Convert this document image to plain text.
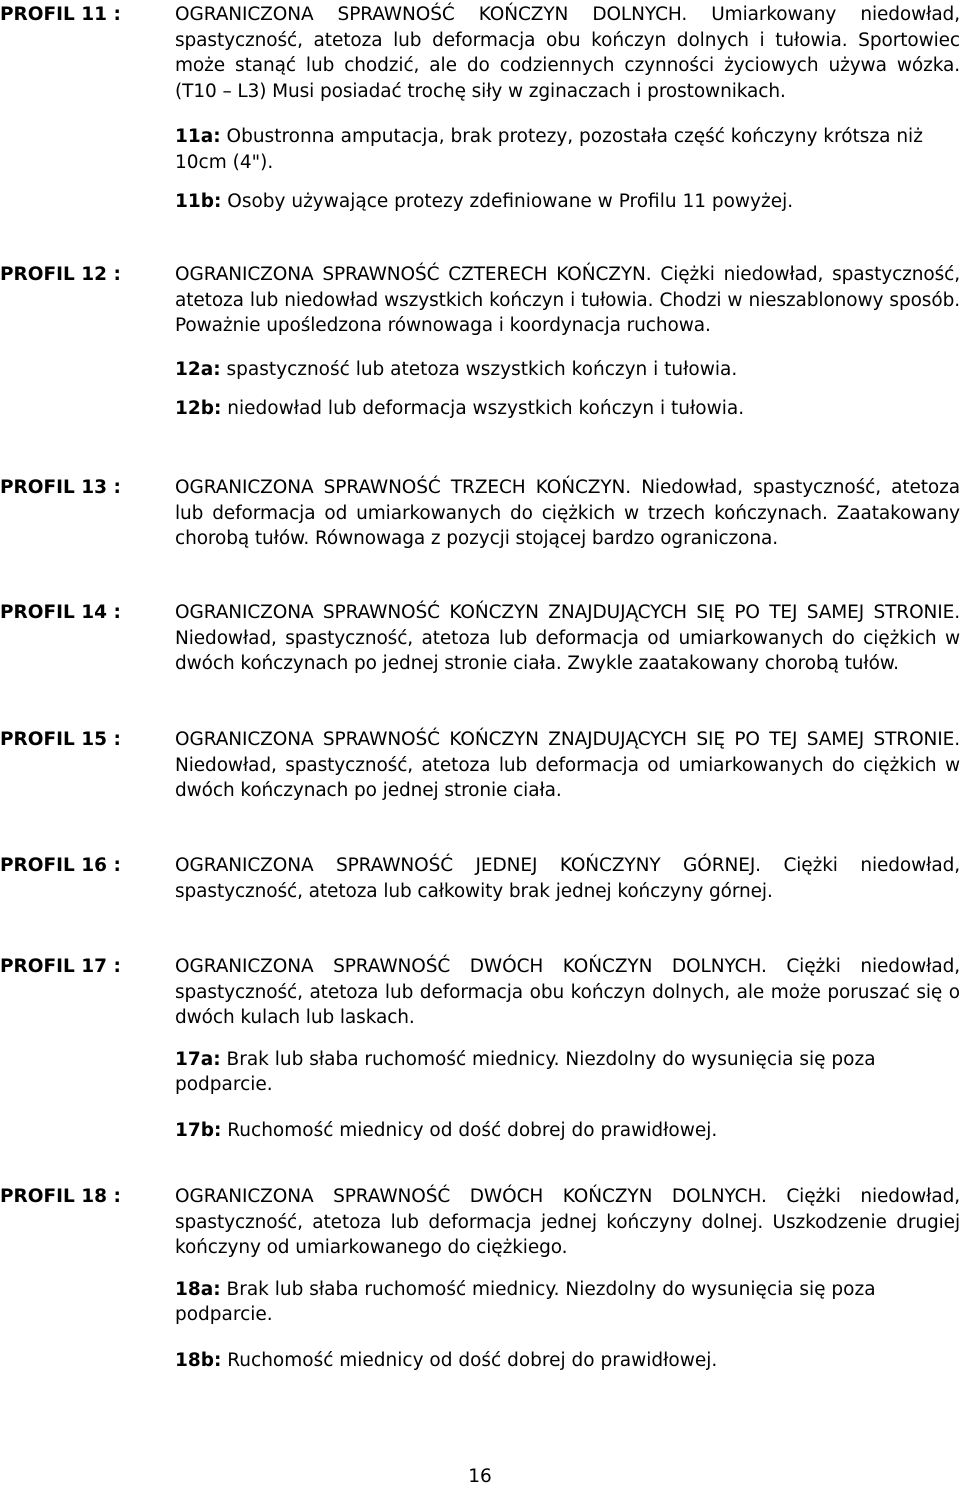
PROFIL 11 :	OGRANICZONA SPRAWNOŚĆ KOŃCZYN DOLNYCH. Umiarkowany niedowład, spastyczność, atetoza lub deformacja obu kończyn dolnych i tułowia. Sportowiec może stanąć lub chodzić, ale do codziennych czynności życiowych używa wózka. (T10 – L3) Musi posiadać trochę siły w zginaczach i prostownikach.

11a: Obustronna amputacja, brak protezy, pozostała część kończyny krótsza niż 10cm (4").

11b: Osoby używające protezy zdefiniowane w Profilu 11 powyżej.

PROFIL 12 :	OGRANICZONA SPRAWNOŚĆ CZTERECH KOŃCZYN. Ciężki niedowład, spastyczność, atetoza lub niedowład wszystkich kończyn i tułowia. Chodzi w nieszablonowy sposób. Poważnie upośledzona równowaga i koordynacja ruchowa.

12a: spastyczność lub atetoza wszystkich kończyn i tułowia.

12b: niedowład lub deformacja wszystkich kończyn i tułowia.

PROFIL 13 :	OGRANICZONA SPRAWNOŚĆ TRZECH KOŃCZYN. Niedowład, spastyczność, atetoza lub deformacja od umiarkowanych do ciężkich w trzech kończynach. Zaatakowany chorobą tułów. Równowaga z pozycji stojącej bardzo ograniczona.

PROFIL 14 :	OGRANICZONA SPRAWNOŚĆ KOŃCZYN ZNAJDUJĄCYCH SIĘ PO TEJ SAMEJ STRONIE. Niedowład, spastyczność, atetoza lub deformacja od umiarkowanych do ciężkich w dwóch kończynach po jednej stronie ciała. Zwykle zaatakowany chorobą tułów.

PROFIL 15 :	OGRANICZONA SPRAWNOŚĆ KOŃCZYN ZNAJDUJĄCYCH SIĘ PO TEJ SAMEJ STRONIE. Niedowład, spastyczność, atetoza lub deformacja od umiarkowanych do ciężkich w dwóch kończynach po jednej stronie ciała.

PROFIL 16 :	OGRANICZONA SPRAWNOŚĆ JEDNEJ KOŃCZYNY GÓRNEJ. Ciężki niedowład, spastyczność, atetoza lub całkowity brak jednej kończyny górnej.

PROFIL 17 :	OGRANICZONA SPRAWNOŚĆ DWÓCH KOŃCZYN DOLNYCH. Ciężki niedowład, spastyczność, atetoza lub deformacja obu kończyn dolnych, ale może poruszać się o dwóch kulach lub laskach.

17a: Brak lub słaba ruchomość miednicy. Niezdolny do wysunięcia się poza podparcie.

17b: Ruchomość miednicy od dość dobrej do prawidłowej.

PROFIL 18 :	OGRANICZONA SPRAWNOŚĆ DWÓCH KOŃCZYN DOLNYCH. Ciężki niedowład, spastyczność, atetoza lub deformacja jednej kończyny dolnej. Uszkodzenie drugiej kończyny od umiarkowanego do ciężkiego.

18a: Brak lub słaba ruchomość miednicy. Niezdolny do wysunięcia się poza podparcie.

18b: Ruchomość miednicy od dość dobrej do prawidłowej.

16
